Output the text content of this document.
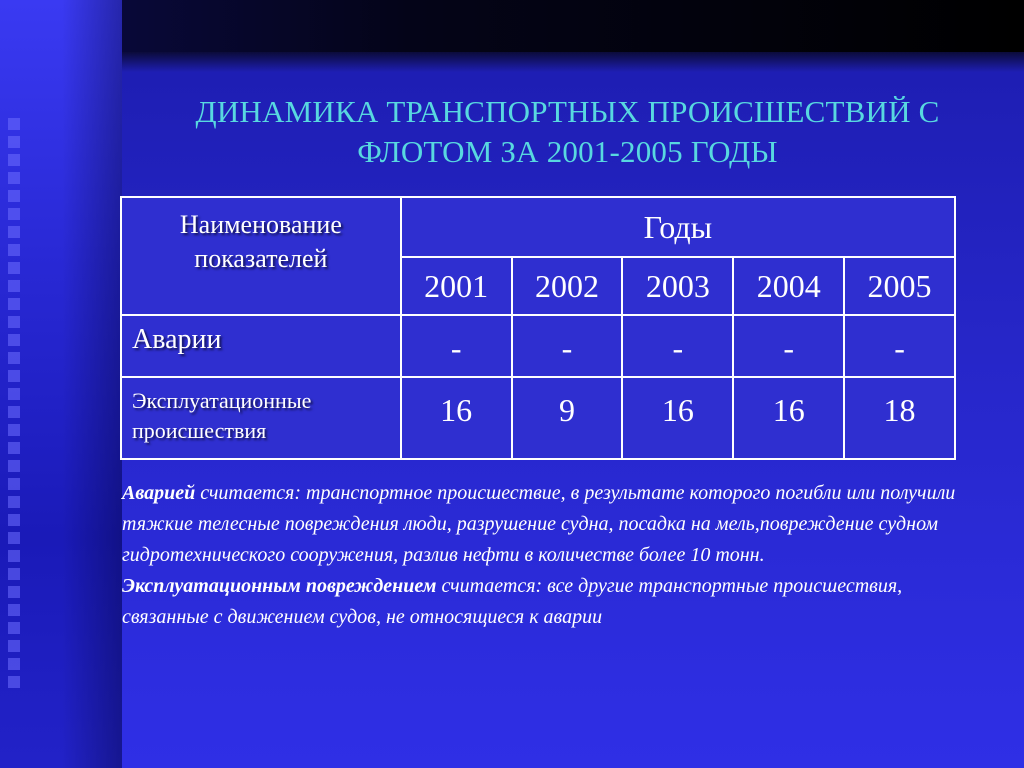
ДИНАМИКА ТРАНСПОРТНЫХ ПРОИСШЕСТВИЙ С ФЛОТОМ ЗА 2001-2005 ГОДЫ
Наименование показателей	Годы				
	2001	2002	2003	2004	2005
Аварии	-	-	-	-	-
Эксплуатационные происшествия	16	9	16	16	18
Аварией считается: транспортное происшествие, в результате которого погибли или получили тяжкие телесные повреждения люди, разрушение судна, посадка на мель,повреждение судном гидротехнического сооружения, разлив нефти в количестве более 10 тонн.
Эксплуатационным повреждением считается: все другие транспортные происшествия, связанные с движением судов, не относящиеся к аварии
